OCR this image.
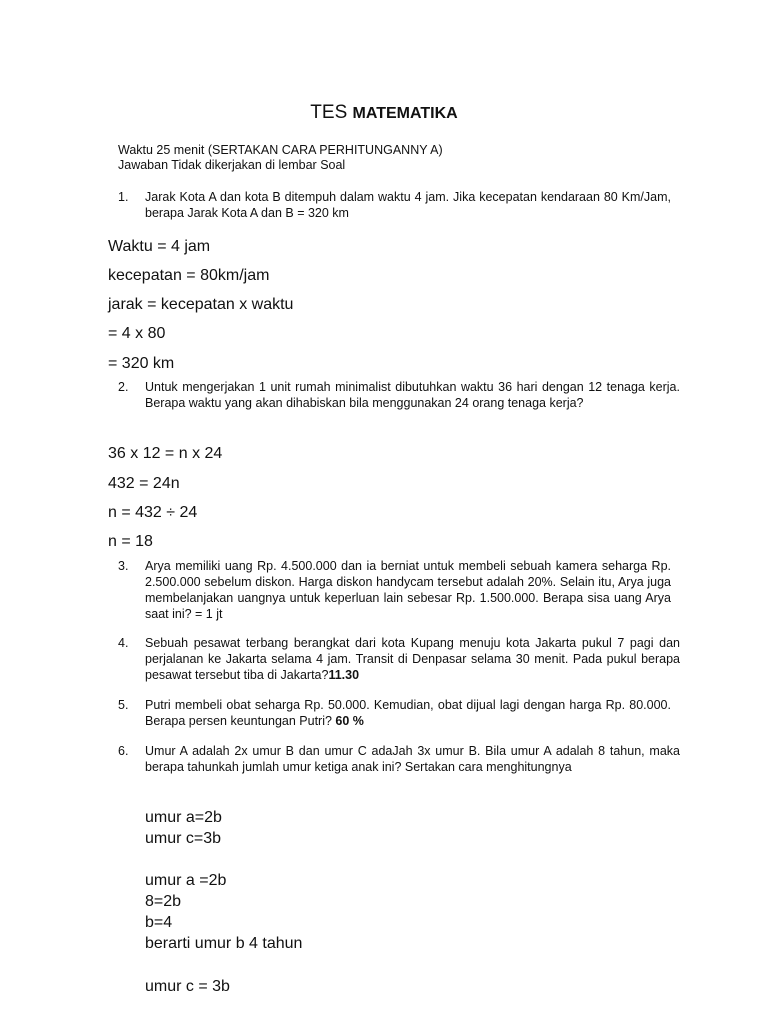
TES MATEMATIKA
Waktu 25 menit (SERTAKAN CARA PERHITUNGANNY A)
Jawaban Tidak dikerjakan di lembar Soal
1. Jarak Kota A dan kota B ditempuh dalam waktu 4 jam. Jika kecepatan kendaraan 80 Km/Jam, berapa Jarak Kota A dan B = 320 km
Waktu = 4 jam
kecepatan = 80km/jam
jarak = kecepatan x waktu
= 4 x 80
= 320 km
2. Untuk mengerjakan 1 unit rumah minimalist dibutuhkan waktu 36 hari dengan 12 tenaga kerja. Berapa waktu yang akan dihabiskan bila menggunakan 24 orang tenaga kerja?
36 x 12 = n x 24
432 = 24n
n = 432 ÷ 24
n = 18
3. Arya memiliki uang Rp. 4.500.000 dan ia berniat untuk membeli sebuah kamera seharga Rp. 2.500.000 sebelum diskon. Harga diskon handycam tersebut adalah 20%. Selain itu, Arya juga membelanjakan uangnya untuk keperluan lain sebesar Rp. 1.500.000. Berapa sisa uang Arya saat ini? = 1 jt
4. Sebuah pesawat terbang berangkat dari kota Kupang menuju kota Jakarta pukul 7 pagi dan perjalanan ke Jakarta selama 4 jam. Transit di Denpasar selama 30 menit. Pada pukul berapa pesawat tersebut tiba di Jakarta?11.30
5. Putri membeli obat seharga Rp. 50.000. Kemudian, obat dijual lagi dengan harga Rp. 80.000. Berapa persen keuntungan Putri? 60 %
6. Umur A adalah 2x umur B dan umur C adaJah 3x umur B. Bila umur A adalah 8 tahun, maka berapa tahunkah jumlah umur ketiga anak ini? Sertakan cara menghitungnya
umur a=2b
umur c=3b
umur a =2b
8=2b
b=4
berarti umur b 4 tahun
umur c = 3b
